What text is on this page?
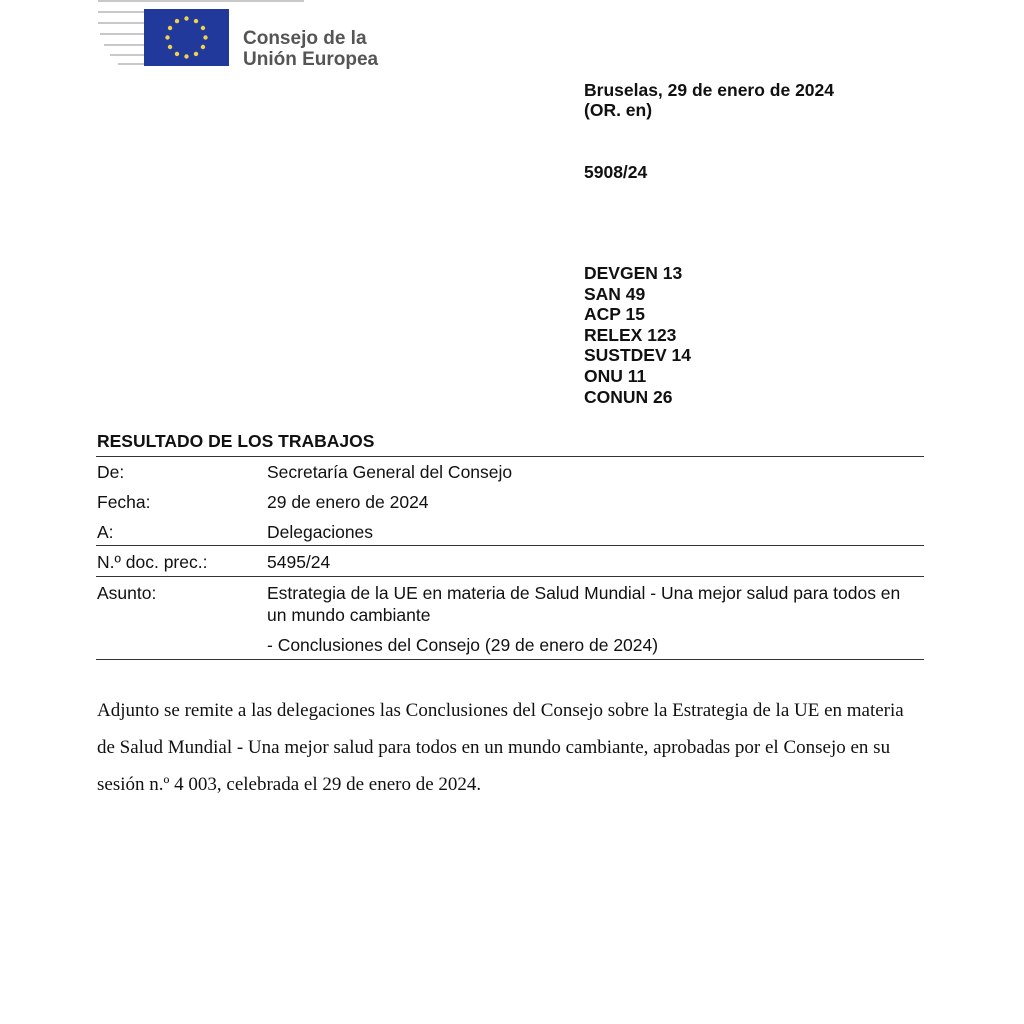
Consejo de la
Unión Europea
Bruselas, 29 de enero de 2024
(OR. en)
5908/24
DEVGEN 13
SAN 49
ACP 15
RELEX 123
SUSTDEV 14
ONU 11
CONUN 26
RESULTADO DE LOS TRABAJOS
De:	Secretaría General del Consejo
Fecha:	29 de enero de 2024
A:	Delegaciones
N.º doc. prec.:	5495/24
Asunto:	Estrategia de la UE en materia de Salud Mundial - Una mejor salud para todos en un mundo cambiante
- Conclusiones del Consejo (29 de enero de 2024)
Adjunto se remite a las delegaciones las Conclusiones del Consejo sobre la Estrategia de la UE en materia de Salud Mundial - Una mejor salud para todos en un mundo cambiante, aprobadas por el Consejo en su sesión n.º 4 003, celebrada el 29 de enero de 2024.
